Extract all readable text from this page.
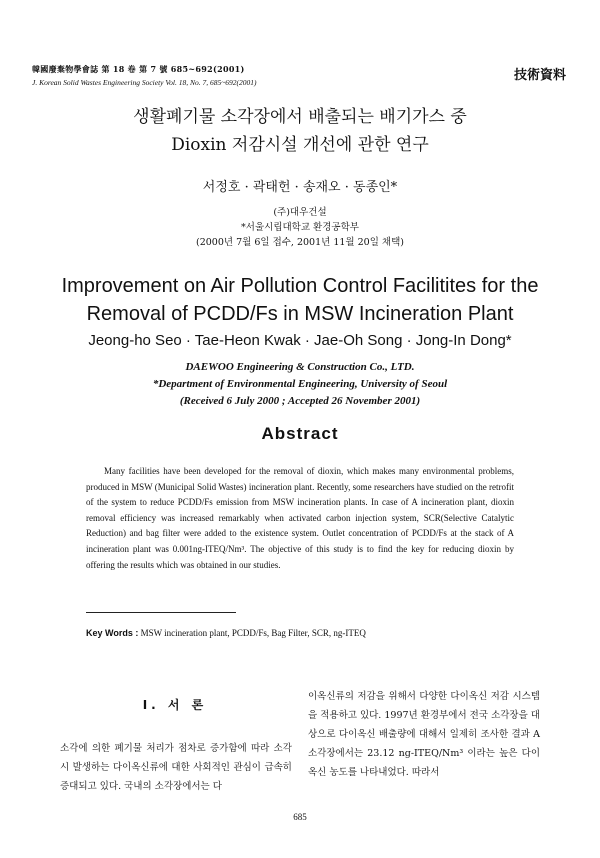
韓國廢棄物學會誌 第 18 卷 第 7 號 685~692(2001)
J. Korean Solid Wastes Engineering Society Vol. 18, No. 7, 685~692(2001)	技術資料
생활폐기물 소각장에서 배출되는 배기가스 중
Dioxin 저감시설 개선에 관한 연구
서정호 · 곽태헌 · 송재오 · 동종인*
(주)대우건설
*서울시립대학교 환경공학부
(2000년 7월 6일 접수, 2001년 11월 20일 채택)
Improvement on Air Pollution Control Facilitites for the
Removal of PCDD/Fs in MSW Incineration Plant
Jeong-ho Seo · Tae-Heon Kwak · Jae-Oh Song · Jong-In Dong*
DAEWOO Engineering & Construction Co., LTD.
*Department of Environmental Engineering, University of Seoul
(Received 6 July 2000 ; Accepted 26 November 2001)
Abstract
Many facilities have been developed for the removal of dioxin, which makes many environmental problems, produced in MSW (Municipal Solid Wastes) incineration plant. Recently, some researchers have studied on the retrofit of the system to reduce PCDD/Fs emission from MSW incineration plants. In case of A incineration plant, dioxin removal efficiency was increased remarkably when activated carbon injection system, SCR(Selective Catalytic Reduction) and bag filter were added to the existence system. Outlet concentration of PCDD/Fs at the stack of A incineration plant was 0.001ng-ITEQ/Nm³. The objective of this study is to find the key for reducing dioxin by offering the results which was obtained in our studies.
Key Words : MSW incineration plant, PCDD/Fs, Bag Filter, SCR, ng-ITEQ
Ⅰ. 서 론
소각에 의한 폐기물 처리가 점차로 증가함에 따라 소각시 발생하는 다이옥신류에 대한 사회적인 관심이 급속히 증대되고 있다. 국내의 소각장에서는 다
이옥신류의 저감을 위해서 다양한 다이옥신 저감 시스템을 적용하고 있다. 1997년 환경부에서 전국 소각장을 대상으로 다이옥신 배출량에 대해서 일제히 조사한 결과 A소각장에서는 23.12 ng-ITEQ/Nm³ 이라는 높은 다이옥신 농도를 나타내었다. 따라서
685
